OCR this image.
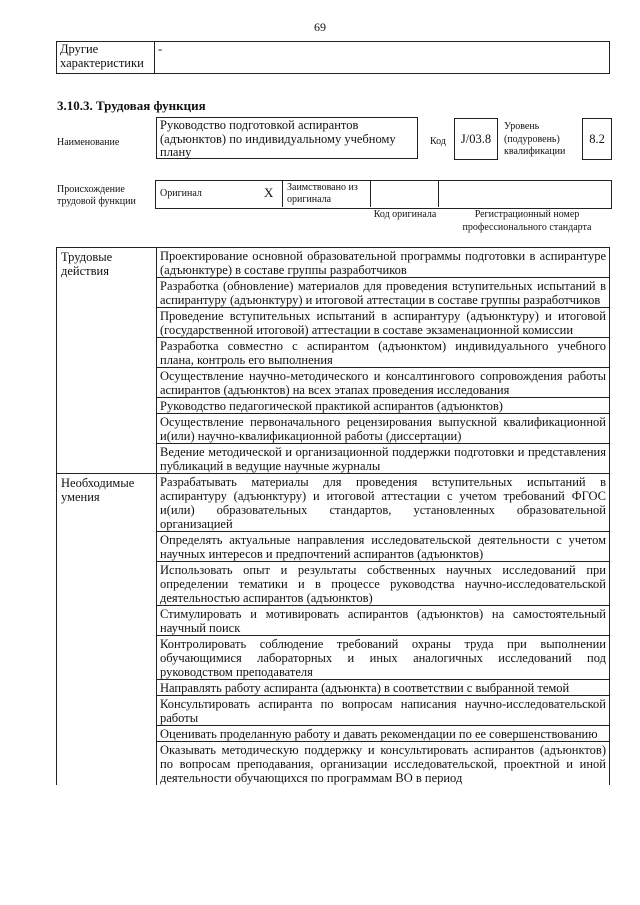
69
Другие характеристики	-
3.10.3. Трудовая функция
Наименование
Руководство подготовкой аспирантов (адъюнктов) по индивидуальному учебному плану
Код	J/03.8
Уровень (подуровень) квалификации
8.2
Происхождение трудовой функции
Оригинал	X Заимствовано из оригинала
Код оригинала	Регистрационный номер профессионального стандарта
Трудовые действия	Проектирование основной образовательной программы подготовки в аспирантуре (адъюнктуре) в составе группы разработчиков
	Разработка (обновление) материалов для проведения вступительных испытаний в аспирантуру (адъюнктуру) и итоговой аттестации в составе группы разработчиков
	Проведение вступительных испытаний в аспирантуру (адъюнктуру) и итоговой (государственной итоговой) аттестации в составе экзаменационной комиссии
	Разработка совместно с аспирантом (адъюнктом) индивидуального учебного плана, контроль его выполнения
	Осуществление научно-методического и консалтингового сопровождения работы аспирантов (адъюнктов) на всех этапах проведения исследования
	Руководство педагогической практикой аспирантов (адъюнктов)
	Осуществление первоначального рецензирования выпускной квалификационной и(или) научно-квалификационной работы (диссертации)
	Ведение методической и организационной поддержки подготовки и представления публикаций в ведущие научные журналы
Необходимые умения	Разрабатывать материалы для проведения вступительных испытаний в аспирантуру (адъюнктуру) и итоговой аттестации с учетом требований ФГОС и(или) образовательных стандартов, установленных образовательной организацией
	Определять актуальные направления исследовательской деятельности с учетом научных интересов и предпочтений аспирантов (адъюнктов)
	Использовать опыт и результаты собственных научных исследований при определении тематики и в процессе руководства научно-исследовательской деятельностью аспирантов (адъюнктов)
	Стимулировать и мотивировать аспирантов (адъюнктов) на самостоятельный научный поиск
	Контролировать соблюдение требований охраны труда при выполнении обучающимися лабораторных и иных аналогичных исследований под руководством преподавателя
	Направлять работу аспиранта (адъюнкта) в соответствии с выбранной темой
	Консультировать аспиранта по вопросам написания научно-исследовательской работы
	Оценивать проделанную работу и давать рекомендации по ее совершенствованию
	Оказывать методическую поддержку и консультировать аспирантов (адъюнктов) по вопросам преподавания, организации исследовательской, проектной и иной деятельности обучающихся по программам ВО в период
